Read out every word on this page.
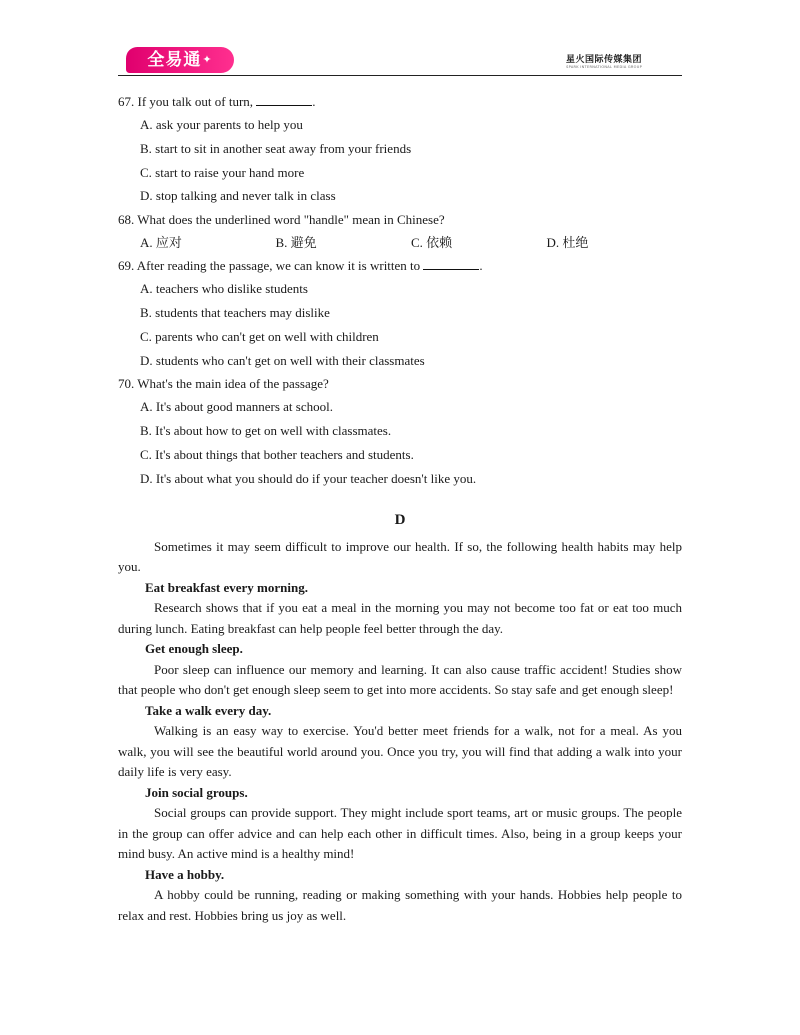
全易通✦	星火国际传媒集团
SPARK INTERNATIONAL MEDIA GROUP

67. If you talk out of turn,	.

A. ask your parents to help you

B. start to sit in another seat away from your friends

C. start to raise your hand more

D. stop talking and never talk in class

68. What does the underlined word "handle" mean in Chinese?

A. 应对	B. 避免	C. 依赖	D. 杜绝

69. After reading the passage, we can know it is written to	.

A. teachers who dislike students

B. students that teachers may dislike

C. parents who can't get on well with children

D. students who can't get on well with their classmates

70. What's the main idea of the passage?

A. It's about good manners at school.

B. It's about how to get on well with classmates.

C. It's about things that bother teachers and students.

D. It's about what you should do if your teacher doesn't like you.

D

Sometimes it may seem difficult to improve our health. If so, the following health habits may help you.

Eat breakfast every morning.

Research shows that if you eat a meal in the morning you may not become too fat or eat too much during lunch. Eating breakfast can help people feel better through the day.

Get enough sleep.

Poor sleep can influence our memory and learning. It can also cause traffic accident! Studies show that people who don't get enough sleep seem to get into more accidents. So stay safe and get enough sleep!

Take a walk every day.

Walking is an easy way to exercise. You'd better meet friends for a walk, not for a meal. As you walk, you will see the beautiful world around you. Once you try, you will find that adding a walk into your daily life is very easy.

Join social groups.

Social groups can provide support. They might include sport teams, art or music groups. The people in the group can offer advice and can help each other in difficult times. Also, being in a group keeps your mind busy. An active mind is a healthy mind!

Have a hobby.

A hobby could be running, reading or making something with your hands. Hobbies help people to relax and rest. Hobbies bring us joy as well.
